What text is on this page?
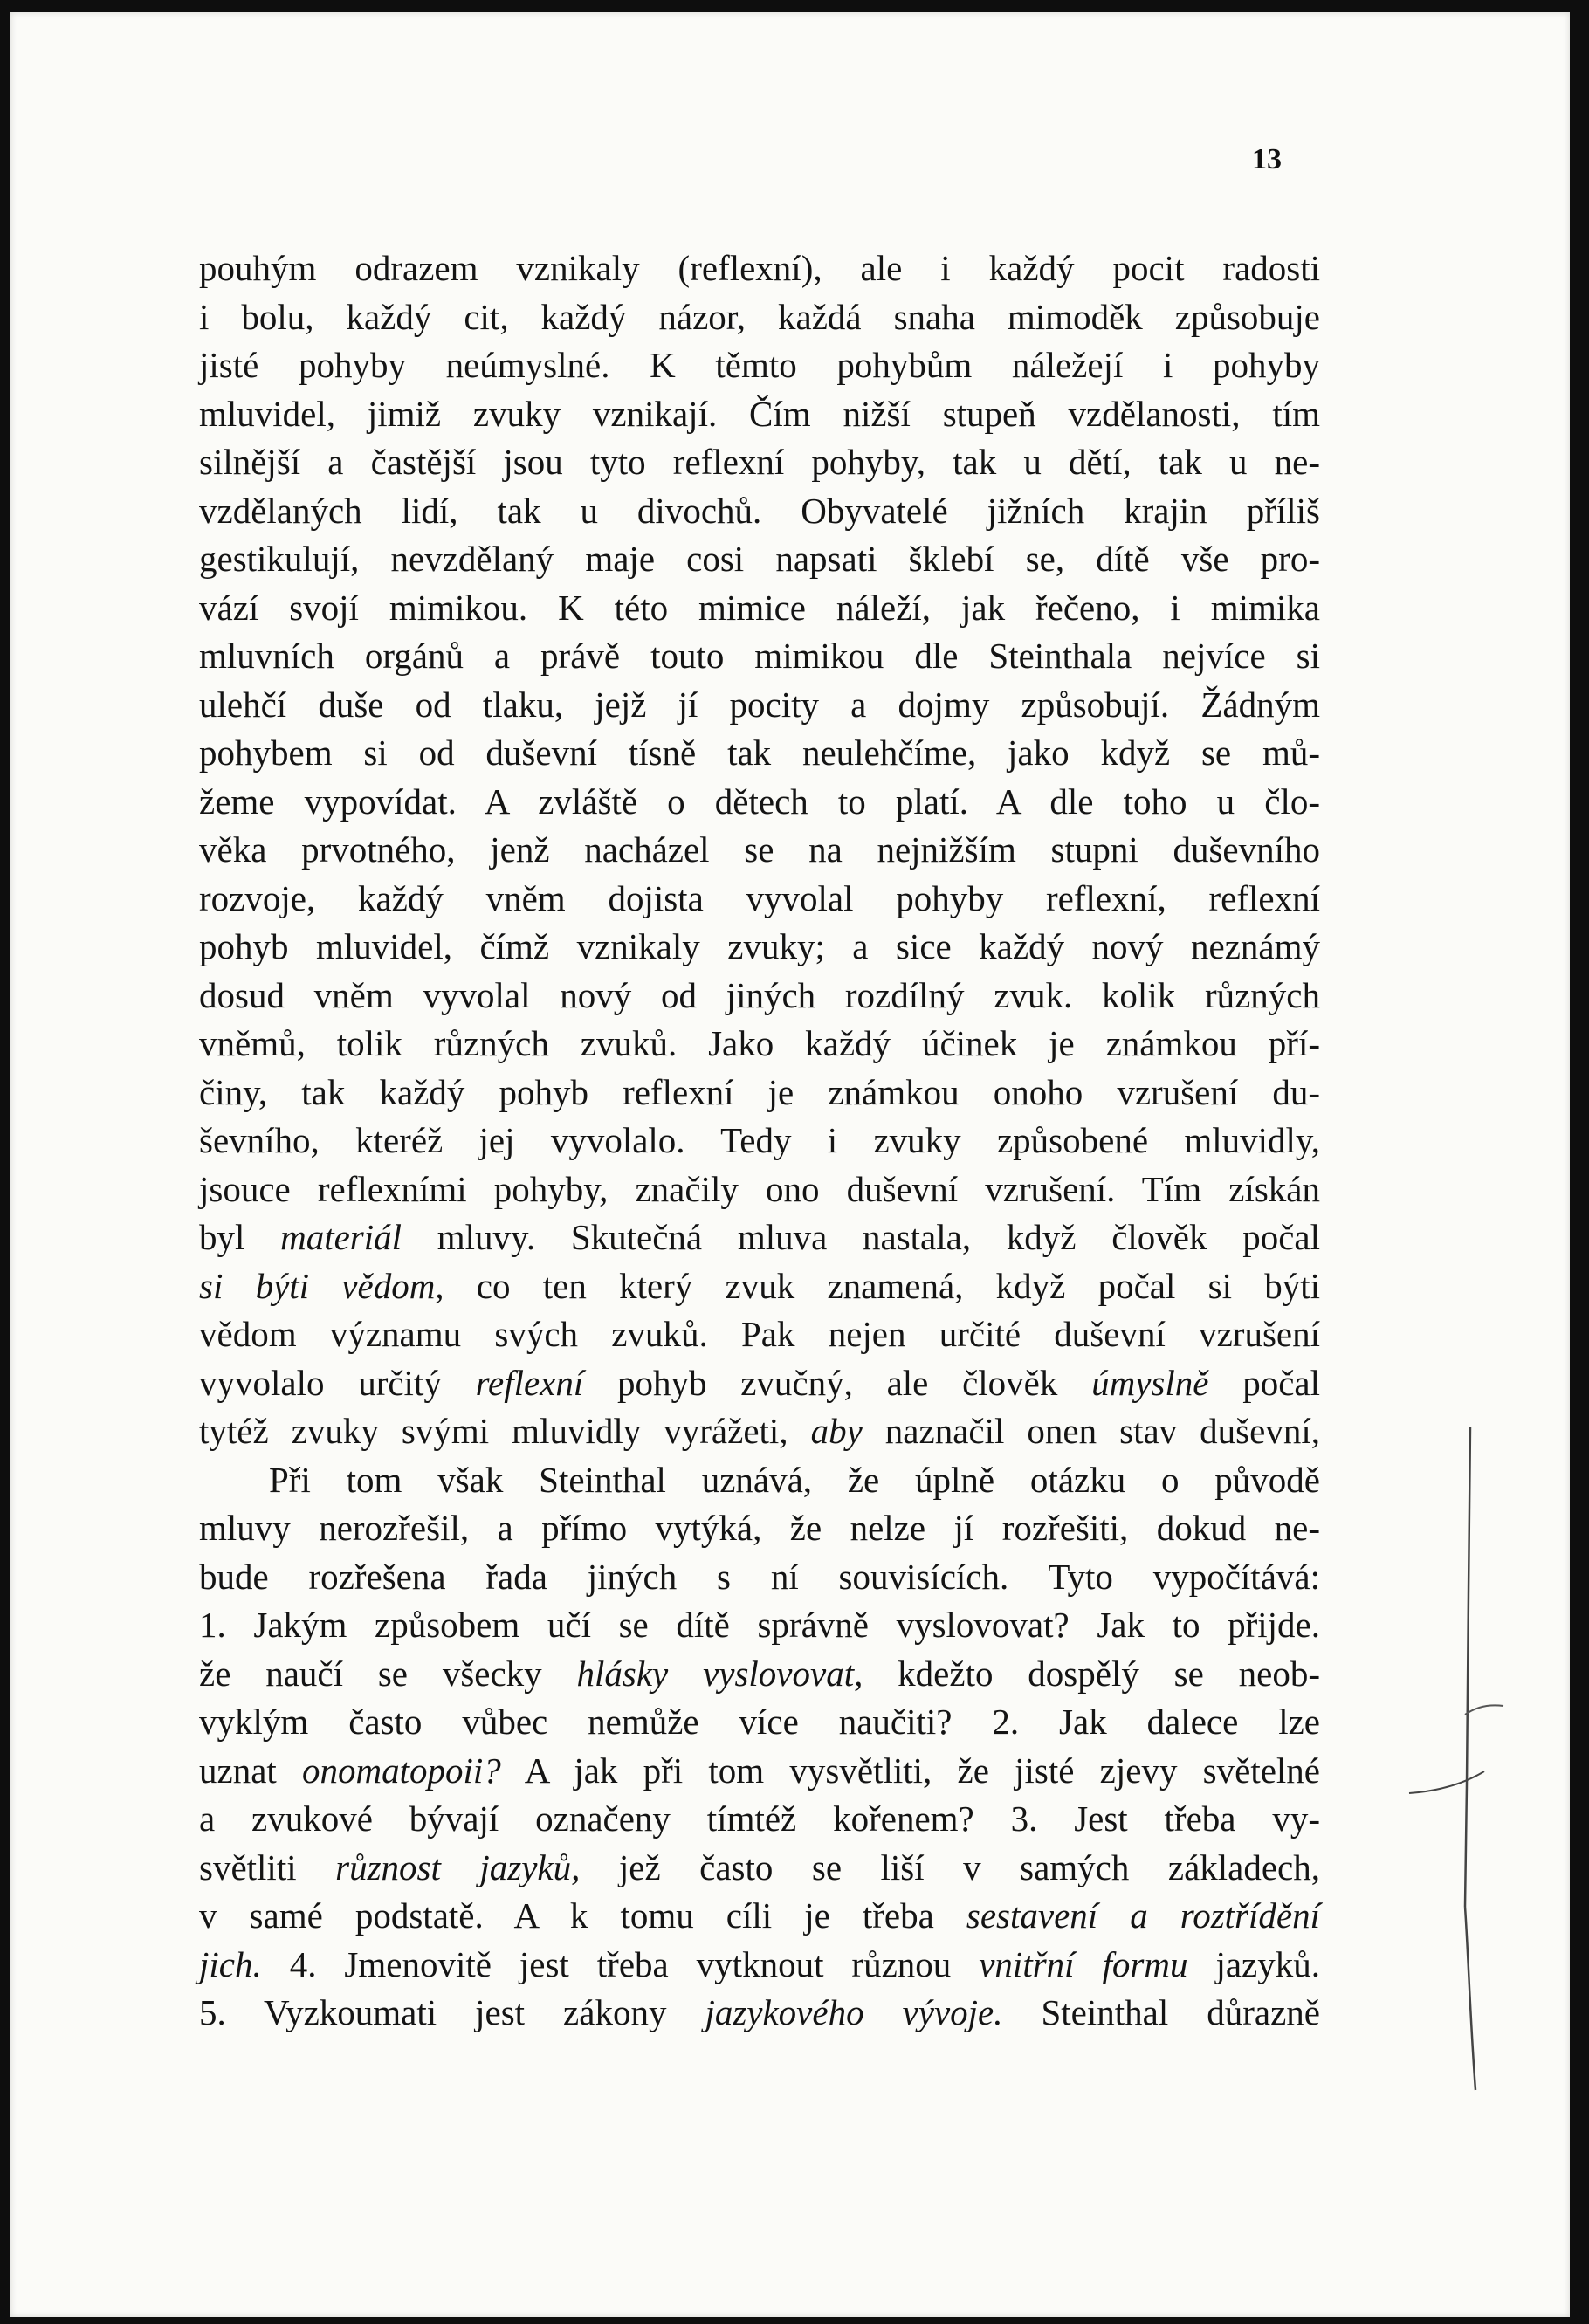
13
pouhým odrazem vznikaly (reflexní), ale i každý pocit radosti
i bolu, každý cit, každý názor, každá snaha mimoděk způsobuje
jisté pohyby neúmyslné. K těmto pohybům náležejí i pohyby
mluvidel, jimiž zvuky vznikají. Čím nižší stupeň vzdělanosti, tím
silnější a častější jsou tyto reflexní pohyby, tak u dětí, tak u ne-
vzdělaných lidí, tak u divochů. Obyvatelé jižních krajin příliš
gestikulují, nevzdělaný maje cosi napsati šklebí se, dítě vše pro-
vází svojí mimikou. K této mimice náleží, jak řečeno, i mimika
mluvních orgánů a právě touto mimikou dle Steinthala nejvíce si
ulehčí duše od tlaku, jejž jí pocity a dojmy způsobují. Žádným
pohybem si od duševní tísně tak neulehčíme, jako když se mů-
žeme vypovídat. A zvláště o dětech to platí. A dle toho u člo-
věka prvotného, jenž nacházel se na nejnižším stupni duševního
rozvoje, každý vněm dojista vyvolal pohyby reflexní, reflexní
pohyb mluvidel, čímž vznikaly zvuky; a sice každý nový neznámý
dosud vněm vyvolal nový od jiných rozdílný zvuk. kolik různých
vněmů, tolik různých zvuků. Jako každý účinek je známkou pří-
činy, tak každý pohyb reflexní je známkou onoho vzrušení du-
ševního, kteréž jej vyvolalo. Tedy i zvuky způsobené mluvidly,
jsouce reflexními pohyby, značily ono duševní vzrušení. Tím získán
byl materiál mluvy. Skutečná mluva nastala, když člověk počal
si býti vědom, co ten který zvuk znamená, když počal si býti
vědom významu svých zvuků. Pak nejen určité duševní vzrušení
vyvolalo určitý reflexní pohyb zvučný, ale člověk úmyslně počal
tytéž zvuky svými mluvidly vyrážeti, aby naznačil onen stav duševní,
Při tom však Steinthal uznává, že úplně otázku o původě
mluvy nerozřešil, a přímo vytýká, že nelze jí rozřešiti, dokud ne-
bude rozřešena řada jiných s ní souvisících. Tyto vypočítává:
1. Jakým způsobem učí se dítě správně vyslovovat? Jak to přijde.
že naučí se všecky hlásky vyslovovat, kdežto dospělý se neob-
vyklým často vůbec nemůže více naučiti? 2. Jak dalece lze
uznat onomatopoii? A jak při tom vysvětliti, že jisté zjevy světelné
a zvukové bývají označeny tímtéž kořenem? 3. Jest třeba vy-
světliti různost jazyků, jež často se liší v samých základech,
v samé podstatě. A k tomu cíli je třeba sestavení a roztřídění
jich. 4. Jmenovitě jest třeba vytknout různou vnitřní formu jazyků.
5. Vyzkoumati jest zákony jazykového vývoje. Steinthal důrazně
